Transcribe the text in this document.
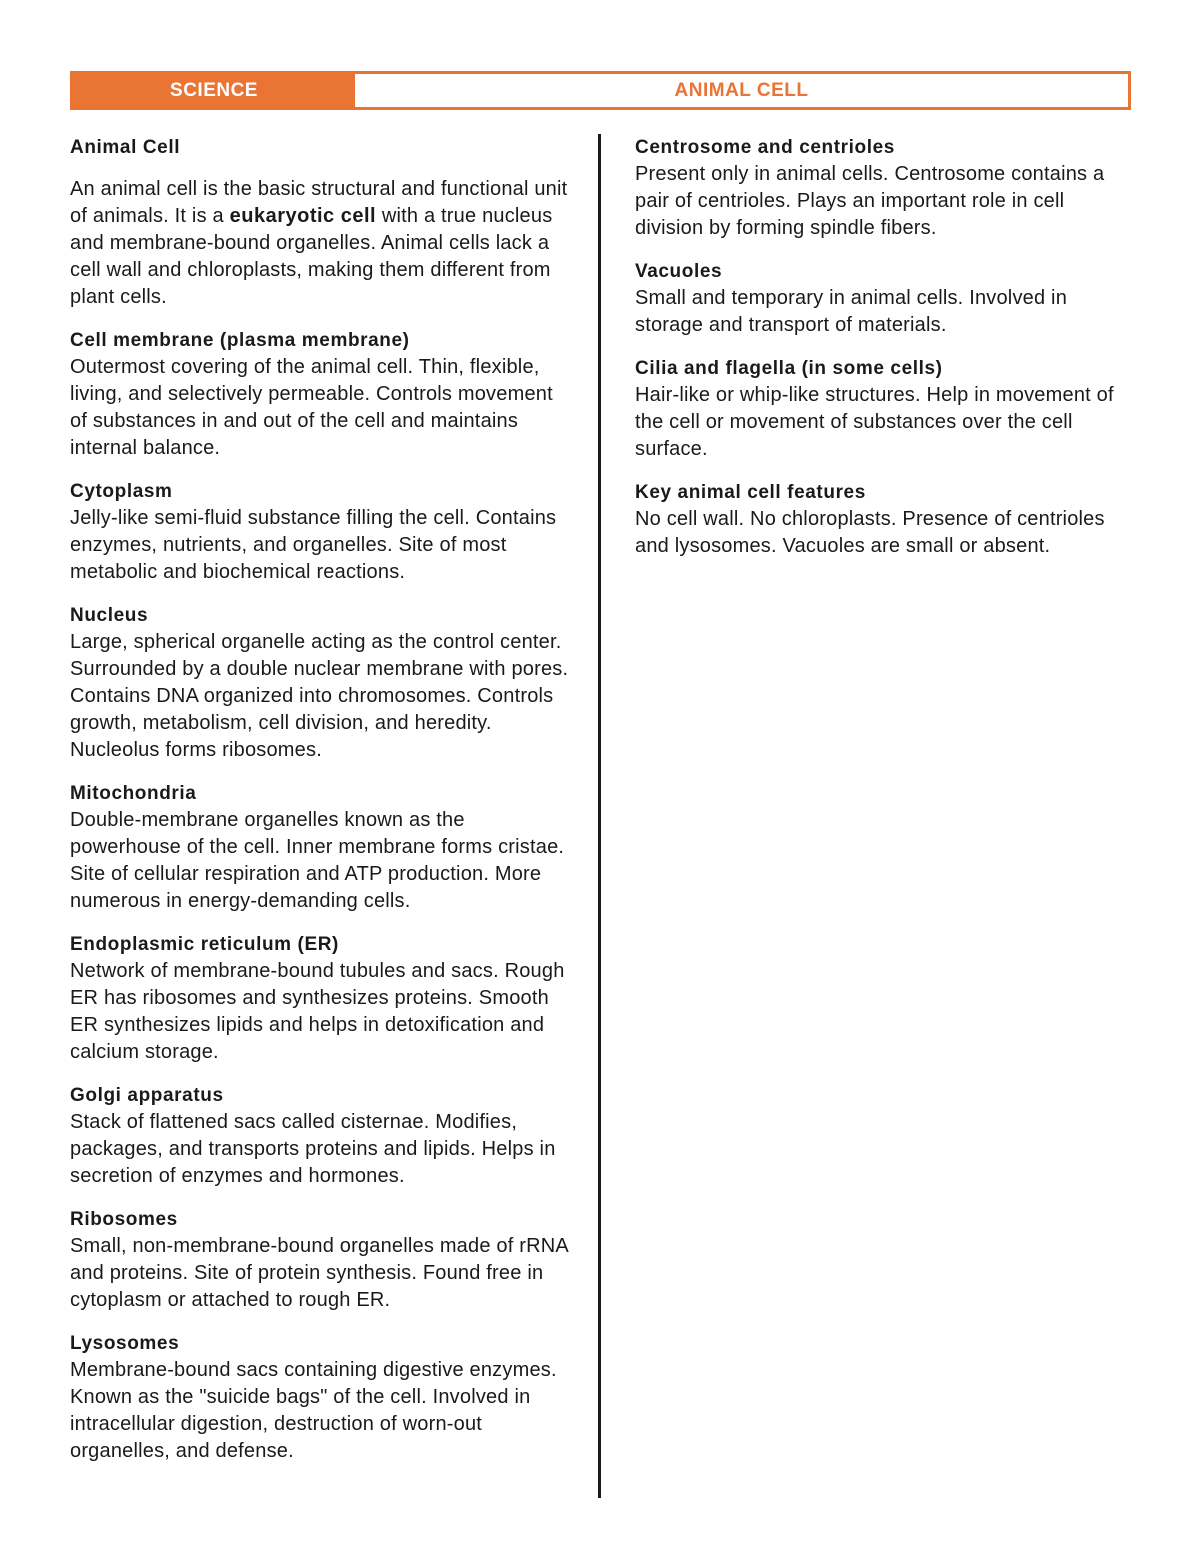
SCIENCE	ANIMAL CELL
Animal Cell

An animal cell is the basic structural and functional unit of animals. It is a eukaryotic cell with a true nucleus and membrane-bound organelles. Animal cells lack a cell wall and chloroplasts, making them different from plant cells.

Cell membrane (plasma membrane)

Outermost covering of the animal cell. Thin, flexible, living, and selectively permeable. Controls movement of substances in and out of the cell and maintains internal balance.

Cytoplasm

Jelly-like semi-fluid substance filling the cell. Contains enzymes, nutrients, and organelles. Site of most metabolic and biochemical reactions.

Nucleus

Large, spherical organelle acting as the control center. Surrounded by a double nuclear membrane with pores. Contains DNA organized into chromosomes. Controls growth, metabolism, cell division, and heredity. Nucleolus forms ribosomes.

Mitochondria

Double-membrane organelles known as the powerhouse of the cell. Inner membrane forms cristae. Site of cellular respiration and ATP production. More numerous in energy-demanding cells.

Endoplasmic reticulum (ER)

Network of membrane-bound tubules and sacs. Rough ER has ribosomes and synthesizes proteins. Smooth ER synthesizes lipids and helps in detoxification and calcium storage.

Golgi apparatus

Stack of flattened sacs called cisternae. Modifies, packages, and transports proteins and lipids. Helps in secretion of enzymes and hormones.

Ribosomes

Small, non-membrane-bound organelles made of rRNA and proteins. Site of protein synthesis. Found free in cytoplasm or attached to rough ER.

Lysosomes

Membrane-bound sacs containing digestive enzymes. Known as the "suicide bags" of the cell. Involved in intracellular digestion, destruction of worn-out organelles, and defense.

Centrosome and centrioles

Present only in animal cells. Centrosome contains a pair of centrioles. Plays an important role in cell division by forming spindle fibers.

Vacuoles

Small and temporary in animal cells. Involved in storage and transport of materials.

Cilia and flagella (in some cells)

Hair-like or whip-like structures. Help in movement of the cell or movement of substances over the cell surface.

Key animal cell features

No cell wall. No chloroplasts. Presence of centrioles and lysosomes. Vacuoles are small or absent.
